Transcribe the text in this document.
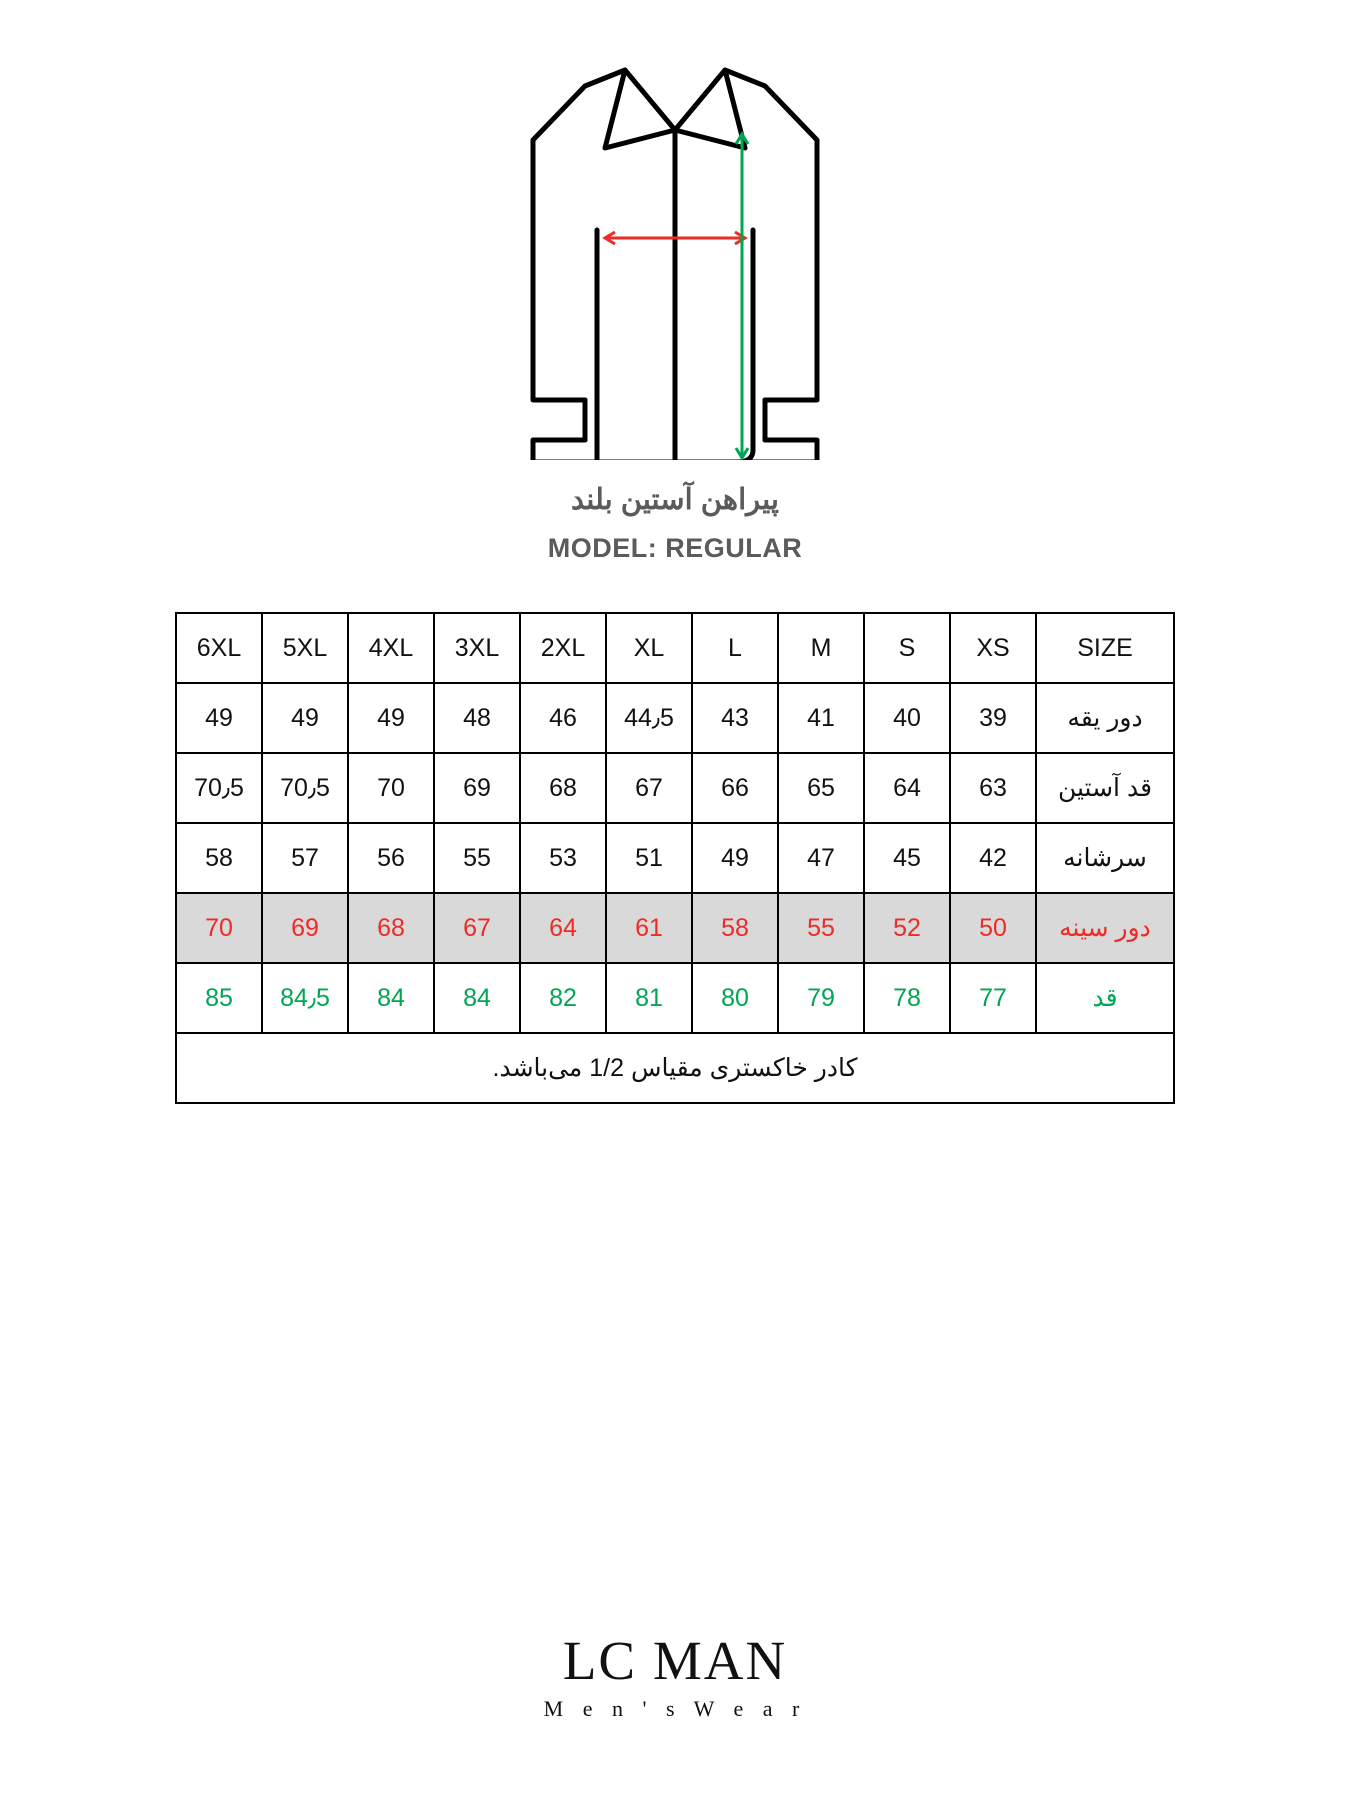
پیراهن آستین بلند
MODEL: REGULAR
6XL	5XL	4XL	3XL	2XL	XL	L	M	S	XS	SIZE
49	49	49	48	46	44٫5	43	41	40	39	دور یقه
70٫5	70٫5	70	69	68	67	66	65	64	63	قد آستین
58	57	56	55	53	51	49	47	45	42	سرشانه
70	69	68	67	64	61	58	55	52	50	دور سینه
85	84٫5	84	84	82	81	80	79	78	77	قد
کادر خاکستری مقیاس 1/2 می‌باشد.										
LC MAN
M e n ' s W e a r
